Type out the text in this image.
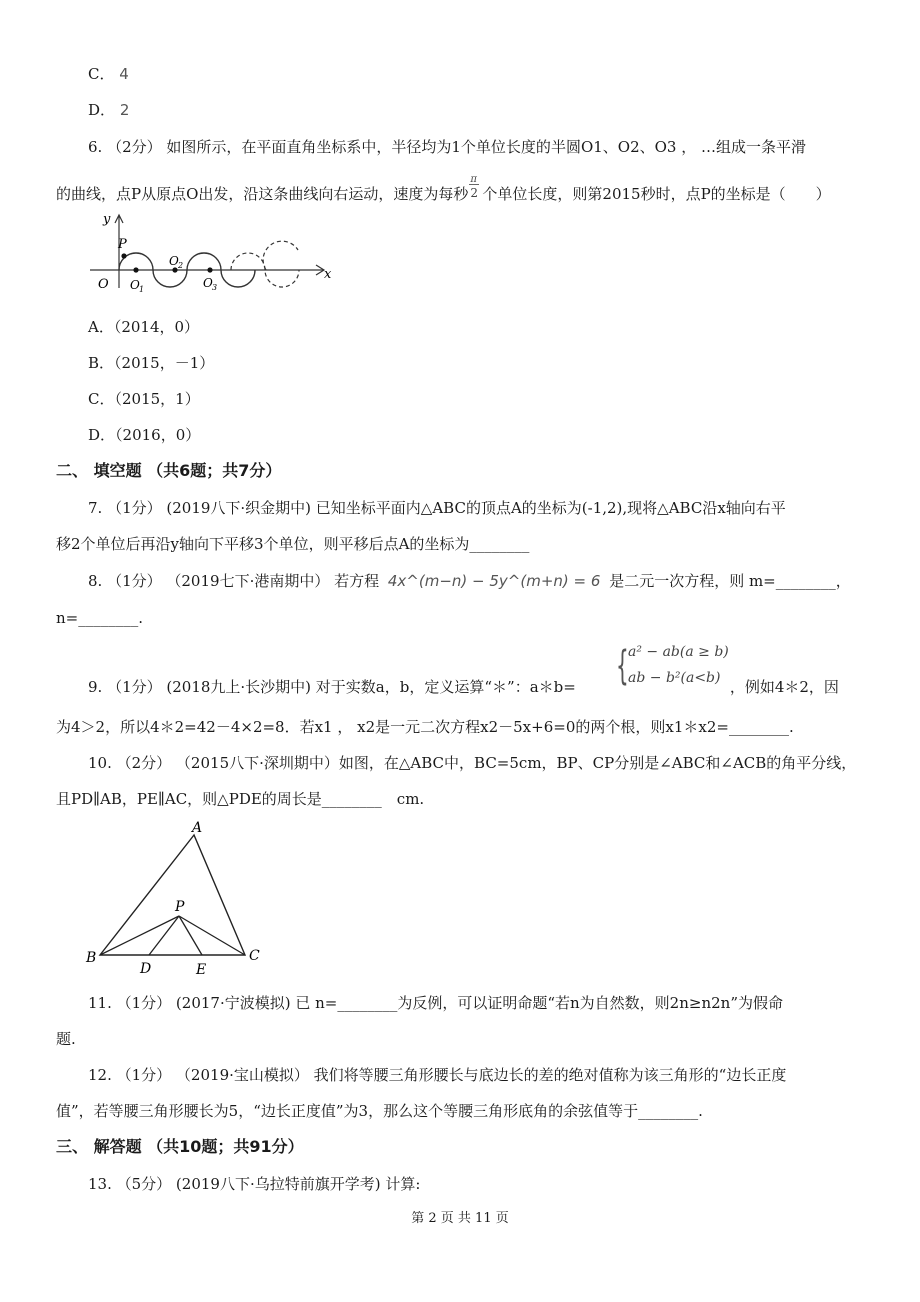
C． 4
D． 2
6. （2分） 如图所示，在平面直角坐标系中，半径均为1个单位长度的半圆O1、O2、O3 ， …组成一条平滑
的曲线，点P从原点O出发，沿这条曲线向右运动，速度为每秒
π
2 个单位长度，则第2015秒时，点P的坐标是（　　）
y
x
P
O O 1
O 2
O 3
A．（2014，0）
B．（2015，－1）
C．（2015，1）
D．（2016，0）
二、 填空题 （共6题；共7分）
7. （1分） (2019八下·织金期中) 已知坐标平面内△ABC的顶点A的坐标为(-1,2),现将△ABC沿x轴向右平
移2个单位后再沿y轴向下平移3个单位，则平移后点A的坐标为________
8. （1分） （2019七下·港南期中） 若方程 4x^(m−n) − 5y^(m+n) = 6 是二元一次方程，则 m=________，
n=________.
{ a² − ab(a ≥ b)
ab − b²(a<b)
9. （1分） (2018九上·长沙期中) 对于实数a，b，定义运算“＊”：a＊b=	，例如4＊2，因
为4＞2，所以4＊2=42－4×2=8．若x1 ， x2是一元二次方程x2－5x+6=0的两个根，则x1＊x2=________.
10. （2分） （2015八下·深圳期中）如图，在△ABC中，BC=5cm，BP、CP分别是∠ABC和∠ACB的角平分线，
且PD∥AB，PE∥AC，则△PDE的周长是________　cm.
A
B	C
P
D	E
11. （1分） (2017·宁波模拟) 已 n=________为反例，可以证明命题“若n为自然数，则2n≥n2n”为假命
题.
12. （1分） （2019·宝山模拟） 我们将等腰三角形腰长与底边长的差的绝对值称为该三角形的“边长正度
值”，若等腰三角形腰长为5，“边长正度值”为3，那么这个等腰三角形底角的余弦值等于________.
三、 解答题 （共10题；共91分）
13. （5分） (2019八下·乌拉特前旗开学考) 计算:
第 2 页 共 11 页
